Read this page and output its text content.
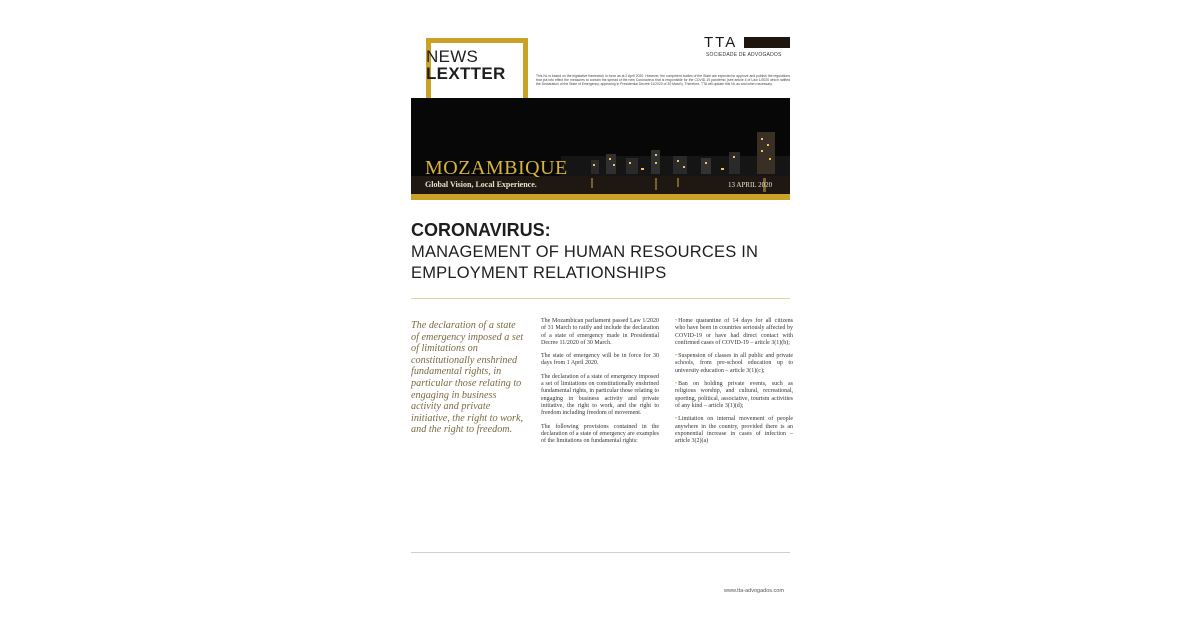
NEWS
LEXTTER
TTA
SOCIEDADE DE ADVOGADOS
This NL is based on the legislative framework in force as at 2 April 2020. However, the competent bodies of the State are expected to approve and publish the regulations that put into effect the measures to contain the spread of the new Coronavirus that is responsible for the COVID-19 pandemic (see article 4 of Law 1/2020 which ratified the Declaration of the State of Emergency, appearing in Presidential Decree 11/2020 of 30 March). Therefore, TTA will update this NL as and when necessary.
MOZAMBIQUE
Global Vision, Local Experience.	13 APRIL 2020
CORONAVIRUS:
MANAGEMENT OF HUMAN RESOURCES IN EMPLOYMENT RELATIONSHIPS
The declaration of a state of emergency imposed a set of limitations on constitutionally enshrined fundamental rights, in particular those relating to engaging in business activity and private initiative, the right to work, and the right to freedom.

The Mozambican parliament passed Law 1/2020 of 31 March to ratify and include the declaration of a state of emergency made in Presidential Decree 11/2020 of 30 March.

The state of emergency will be in force for 30 days from 1 April 2020.

The declaration of a state of emergency imposed a set of limitations on constitutionally enshrined fundamental rights, in particular those relating to engaging in business activity and private initiative, the right to work, and the right to freedom including freedom of movement.

The following provisions contained in the declaration of a state of emergency are examples of the limitations on fundamental rights:

•Home quarantine of 14 days for all citizens who have been in countries seriously affected by COVID-19 or have had direct contact with confirmed cases of COVID-19 – article 3(1)(b);

•Suspension of classes in all public and private schools, from pre-school education up to university education – article 3(1)(c);

•Ban on holding private events, such as religious worship, and cultural, recreational, sporting, political, associative, tourism activities of any kind – article 3(1)(d);

•Limitation on internal movement of people anywhere in the country, provided there is an exponential increase in cases of infection – article 3(2)(a)

www.tta-advogados.com
